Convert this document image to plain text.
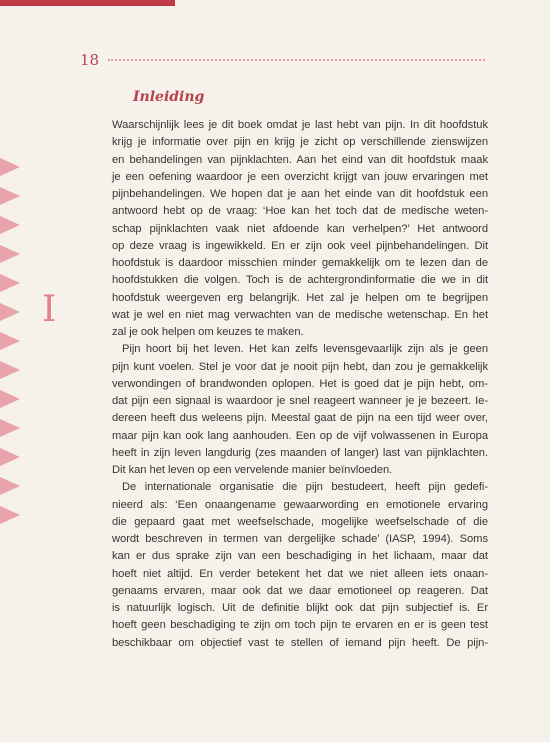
18
Inleiding
I

Waarschijnlijk lees je dit boek omdat je last hebt van pijn. In dit hoofdstuk
krijg je informatie over pijn en krijg je zicht op verschillende zienswijzen
en behandelingen van pijnklachten. Aan het eind van dit hoofdstuk maak
je een oefening waardoor je een overzicht krijgt van jouw ervaringen met
pijnbehandelingen. We hopen dat je aan het einde van dit hoofdstuk een
antwoord hebt op de vraag: ‘Hoe kan het toch dat de medische weten-
schap pijnklachten vaak niet afdoende kan verhelpen?’ Het antwoord
op deze vraag is ingewikkeld. En er zijn ook veel pijnbehandelingen. Dit
hoofdstuk is daardoor misschien minder gemakkelijk om te lezen dan de
hoofdstukken die volgen. Toch is de achtergrondinformatie die we in dit
hoofdstuk weergeven erg belangrijk. Het zal je helpen om te begrijpen
wat je wel en niet mag verwachten van de medische wetenschap. En het
zal je ook helpen om keuzes te maken.

Pijn hoort bij het leven. Het kan zelfs levensgevaarlijk zijn als je geen
pijn kunt voelen. Stel je voor dat je nooit pijn hebt, dan zou je gemakkelijk
verwondingen of brandwonden oplopen. Het is goed dat je pijn hebt, om-
dat pijn een signaal is waardoor je snel reageert wanneer je je bezeert. Ie-
dereen heeft dus weleens pijn. Meestal gaat de pijn na een tijd weer over,
maar pijn kan ook lang aanhouden. Een op de vijf volwassenen in Europa
heeft in zijn leven langdurig (zes maanden of langer) last van pijnklachten.
Dit kan het leven op een vervelende manier beïnvloeden.

De internationale organisatie die pijn bestudeert, heeft pijn gedefi-
nieerd als: ‘Een onaangename gewaarwording en emotionele ervaring
die gepaard gaat met weefselschade, mogelijke weefselschade of die
wordt beschreven in termen van dergelijke schade’ (IASP, 1994). Soms
kan er dus sprake zijn van een beschadiging in het lichaam, maar dat
hoeft niet altijd. En verder betekent het dat we niet alleen iets onaan-
genaams ervaren, maar ook dat we daar emotioneel op reageren. Dat
is natuurlijk logisch. Uit de definitie blijkt ook dat pijn subjectief is. Er
hoeft geen beschadiging te zijn om toch pijn te ervaren en er is geen test
beschikbaar om objectief vast te stellen of iemand pijn heeft. De pijn-
